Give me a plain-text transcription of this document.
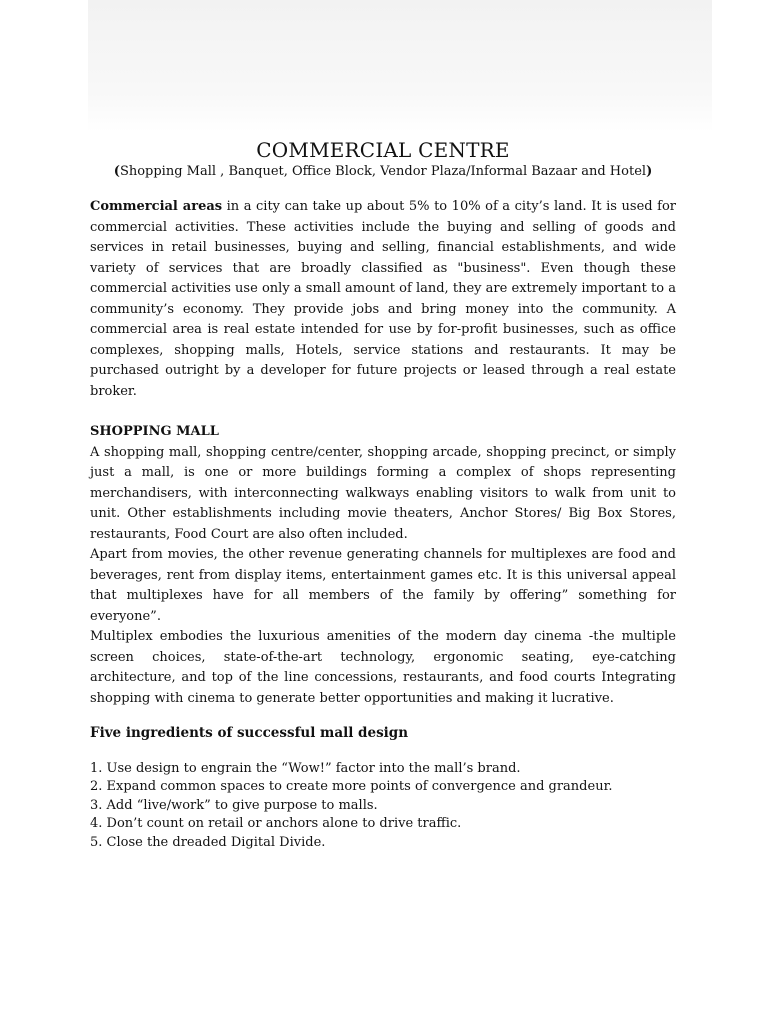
COMMERCIAL CENTRE
(Shopping Mall , Banquet, Office Block, Vendor Plaza/Informal Bazaar and Hotel)

Commercial areas in a city can take up about 5% to 10% of a city’s land. It is used for commercial activities. These activities include the buying and selling of goods and services in retail businesses, buying and selling, financial establishments, and wide variety of services that are broadly classified as "business". Even though these commercial activities use only a small amount of land, they are extremely important to a community’s economy. They provide jobs and bring money into the community. A commercial area is real estate intended for use by for-profit businesses, such as office complexes, shopping malls, Hotels, service stations and restaurants. It may be purchased outright by a developer for future projects or leased through a real estate broker.

SHOPPING MALL

A shopping mall, shopping centre/center, shopping arcade, shopping precinct, or simply just a mall, is one or more buildings forming a complex of shops representing merchandisers, with interconnecting walkways enabling visitors to walk from unit to unit. Other establishments including movie theaters, Anchor Stores/ Big Box Stores, restaurants, Food Court are also often included.

Apart from movies, the other revenue generating channels for multiplexes are food and beverages, rent from display items, entertainment games etc. It is this universal appeal that multiplexes have for all members of the family by offering” something for everyone”.

Multiplex embodies the luxurious amenities of the modern day cinema -the multiple screen choices, state-of-the-art technology, ergonomic seating, eye-catching architecture, and top of the line concessions, restaurants, and food courts Integrating shopping with cinema to generate better opportunities and making it lucrative.

Five ingredients of successful mall design
1. Use design to engrain the “Wow!” factor into the mall’s brand.
2. Expand common spaces to create more points of convergence and grandeur.
3. Add “live/work” to give purpose to malls.
4. Don’t count on retail or anchors alone to drive traffic.
5. Close the dreaded Digital Divide.
